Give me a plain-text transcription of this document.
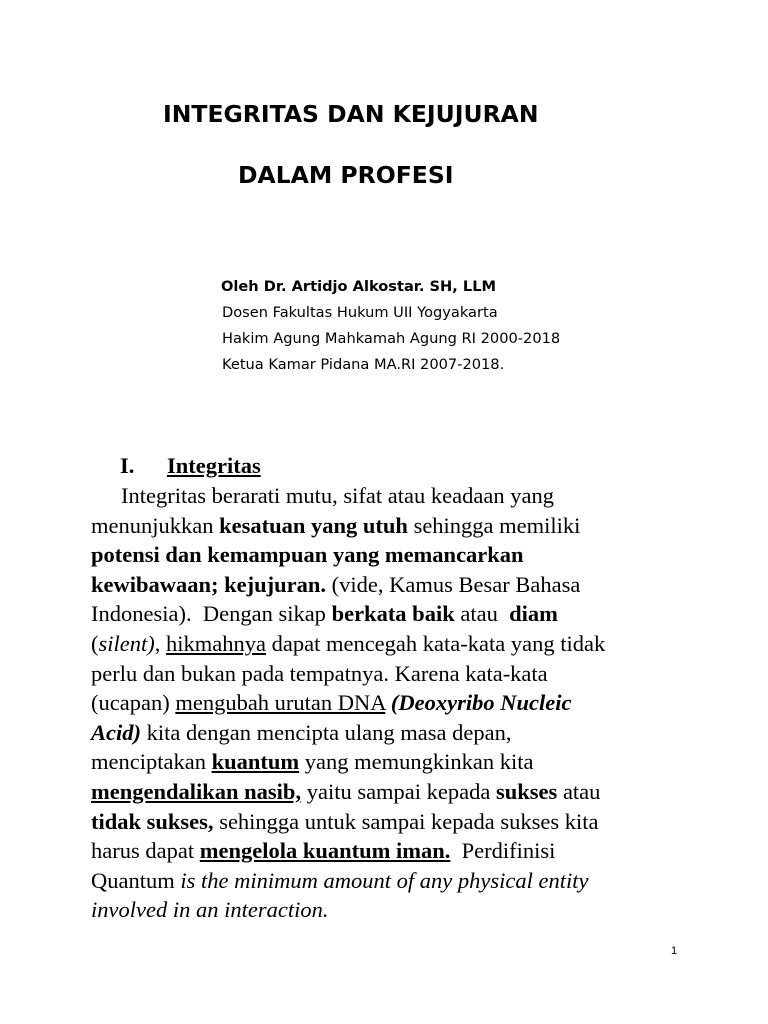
INTEGRITAS DAN KEJUJURAN
DALAM PROFESI
Oleh Dr. Artidjo Alkostar. SH, LLM
Dosen Fakultas Hukum UII Yogyakarta
Hakim Agung Mahkamah Agung RI 2000-2018
Ketua Kamar Pidana MA.RI 2007-2018.
I. Integritas
Integritas berarati mutu, sifat atau keadaan yang
menunjukkan kesatuan yang utuh sehingga memiliki
potensi dan kemampuan yang memancarkan
kewibawaan; kejujuran. (vide, Kamus Besar Bahasa
Indonesia).  Dengan sikap berkata baik atau  diam
(silent), hikmahnya dapat mencegah kata-kata yang tidak
perlu dan bukan pada tempatnya. Karena kata-kata
(ucapan) mengubah urutan DNA (Deoxyribo Nucleic
Acid) kita dengan mencipta ulang masa depan,
menciptakan kuantum yang memungkinkan kita
mengendalikan nasib, yaitu sampai kepada sukses atau
tidak sukses, sehingga untuk sampai kepada sukses kita
harus dapat mengelola kuantum iman.  Perdifinisi
Quantum is the minimum amount of any physical entity
involved in an interaction.
1
